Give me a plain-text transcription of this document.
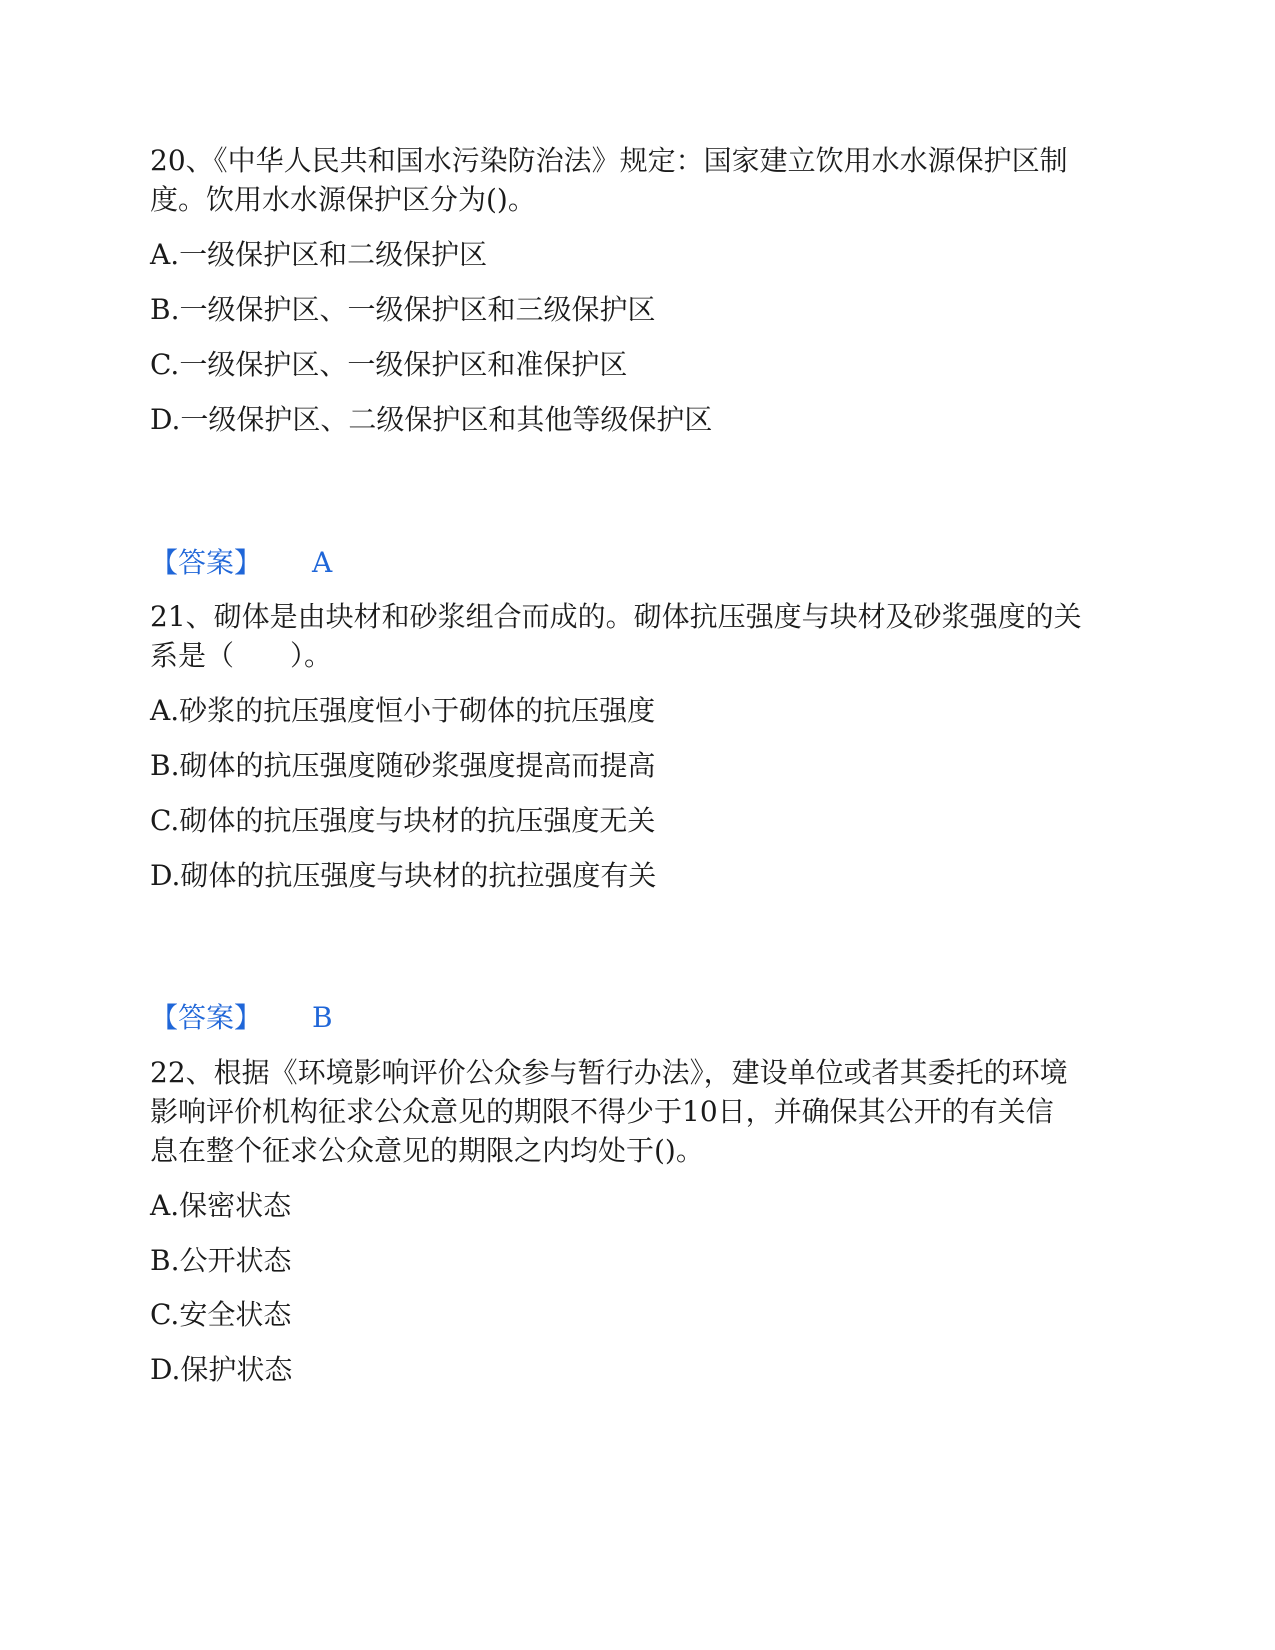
20、《中华人民共和国水污染防治法》规定：国家建立饮用水水源保护区制
度。饮用水水源保护区分为()。
A.一级保护区和二级保护区
B.一级保护区、一级保护区和三级保护区
C.一级保护区、一级保护区和准保护区
D.一级保护区、二级保护区和其他等级保护区
【答案】 A
21、砌体是由块材和砂浆组合而成的。砌体抗压强度与块材及砂浆强度的关
系是（　　）。
A.砂浆的抗压强度恒小于砌体的抗压强度
B.砌体的抗压强度随砂浆强度提高而提高
C.砌体的抗压强度与块材的抗压强度无关
D.砌体的抗压强度与块材的抗拉强度有关
【答案】 B
22、根据《环境影响评价公众参与暂行办法》，建设单位或者其委托的环境
影响评价机构征求公众意见的期限不得少于10日，并确保其公开的有关信
息在整个征求公众意见的期限之内均处于()。
A.保密状态
B.公开状态
C.安全状态
D.保护状态
